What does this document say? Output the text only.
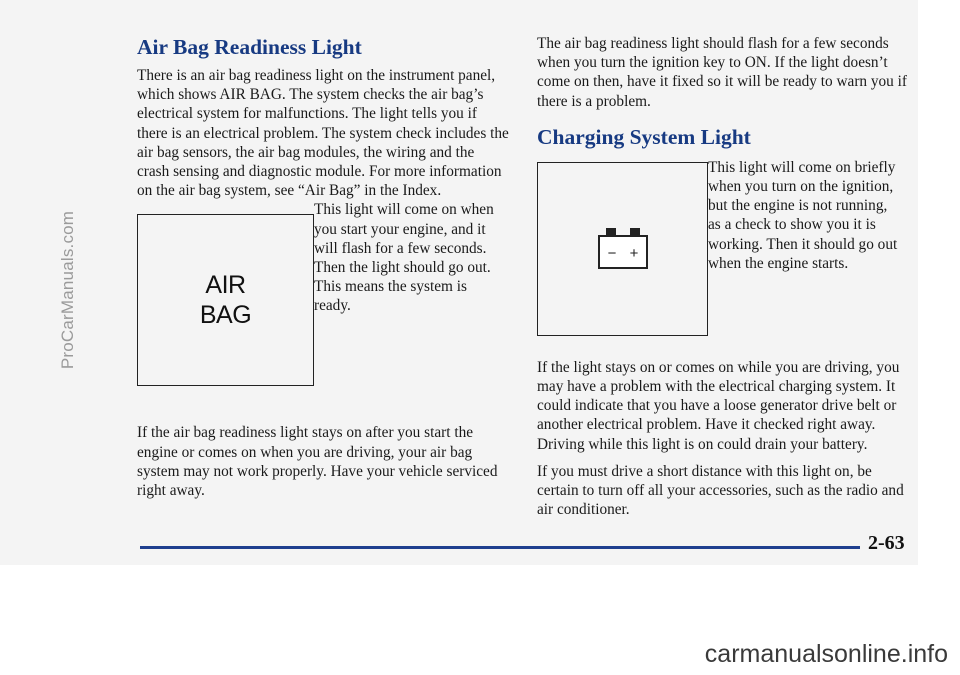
ProCarManuals.com
Air Bag Readiness Light

There is an air bag readiness light on the instrument panel, which shows AIR BAG. The system checks the air bag’s electrical system for malfunctions. The light tells you if there is an electrical problem. The system check includes the air bag sensors, the air bag modules, the wiring and the crash sensing and diagnostic module. For more information on the air bag system, see “Air Bag” in the Index.

AIR
BAG

This light will come on when you start your engine, and it will flash for a few seconds. Then the light should go out. This means the system is ready.

If the air bag readiness light stays on after you start the engine or comes on when you are driving, your air bag system may not work properly. Have your vehicle serviced right away.

The air bag readiness light should flash for a few seconds when you turn the ignition key to ON. If the light doesn’t come on then, have it fixed so it will be ready to warn you if there is a problem.

Charging System Light
− +

This light will come on briefly when you turn on the ignition, but the engine is not running, as a check to show you it is working. Then it should go out when the engine starts.

If the light stays on or comes on while you are driving, you may have a problem with the electrical charging system. It could indicate that you have a loose generator drive belt or another electrical problem. Have it checked right away. Driving while this light is on could drain your battery.

If you must drive a short distance with this light on, be certain to turn off all your accessories, such as the radio and air conditioner.

2-63
carmanualsonline.info
